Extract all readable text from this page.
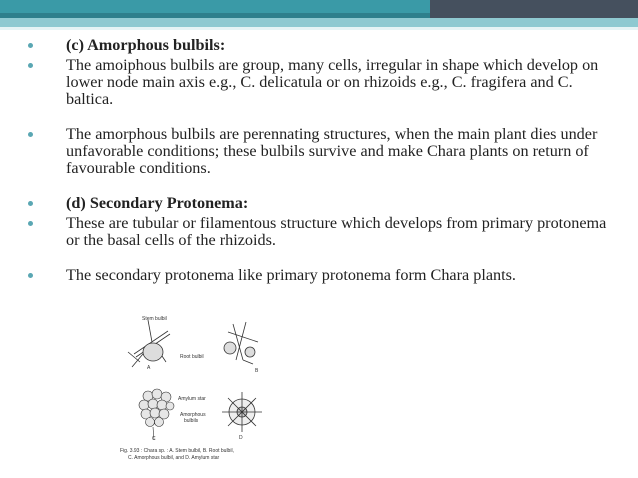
(c) Amorphous bulbils:
The amoiphous bulbils are group, many cells, irregular in shape which develop on lower node main axis e.g., C. delicatula or on rhizoids e.g., C. fragifera and C. baltica.
The amorphous bulbils are perennating structures, when the main plant dies under unfavorable conditions; these bulbils survive and make Chara plants on return of favourable conditions.
(d) Secondary Protonema:
These are tubular or filamentous structure which develops from primary protonema or the basal cells of the rhizoids.
The secondary protonema like primary protonema form Chara plants.
Stem bulbil
A
Root bulbil
B
Amylum star
Amorphous
bulbils
C	D
Fig. 3.93 : Chara sp. : A. Stem bulbil, B. Root bulbil,
C. Amorphous bulbil, and D. Amylum star
